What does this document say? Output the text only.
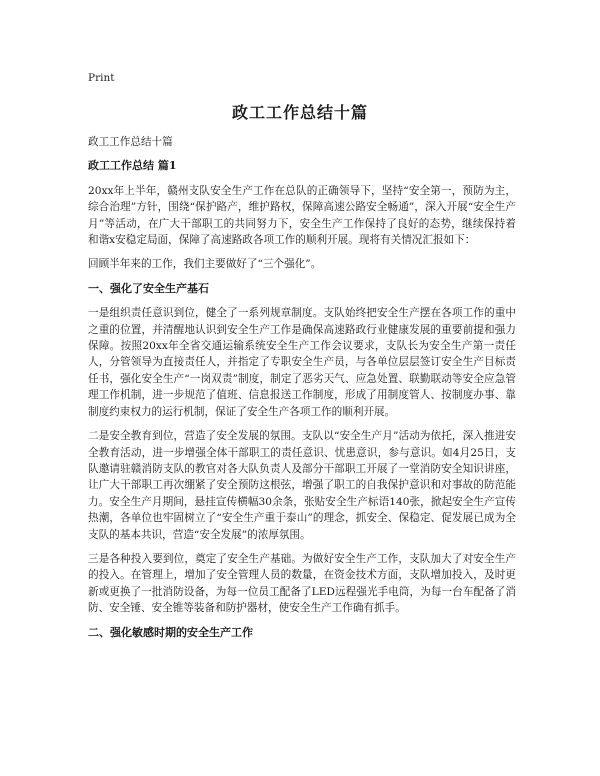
Print
政工工作总结十篇
政工工作总结十篇
政工工作总结 篇1

20xx年上半年，赣州支队安全生产工作在总队的正确领导下，坚持“安全第一，预防为主，综合治理”方针，围绕“保护路产，维护路权，保障高速公路安全畅通”，深入开展“安全生产月”等活动，在广大干部职工的共同努力下，安全生产工作保持了良好的态势，继续保持着和谐x安稳定局面，保障了高速路政各项工作的顺利开展。现将有关情况汇报如下：

回顾半年来的工作，我们主要做好了“三个强化”。

一、强化了安全生产基石

一是组织责任意识到位，健全了一系列规章制度。支队始终把安全生产摆在各项工作的重中之重的位置，并清醒地认识到安全生产工作是确保高速路政行业健康发展的重要前提和强力保障。按照20xx年全省交通运输系统安全生产工作会议要求，支队长为安全生产第一责任人，分管领导为直接责任人，并指定了专职安全生产员，与各单位层层签订安全生产目标责任书，强化安全生产“一岗双责”制度，制定了恶劣天气、应急处置、联勤联动等安全应急管理工作机制，进一步规范了值班、信息报送工作制度，形成了用制度管人、按制度办事、靠制度约束权力的运行机制，保证了安全生产各项工作的顺利开展。

二是安全教育到位，营造了安全发展的氛围。支队以“安全生产月”活动为依托，深入推进安全教育活动，进一步增强全体干部职工的责任意识、忧患意识，参与意识。如4月25日，支队邀请驻赣消防支队的教官对各大队负责人及部分干部职工开展了一堂消防安全知识讲座，让广大干部职工再次绷紧了安全预防这根弦，增强了职工的自我保护意识和对事故的防范能力。安全生产月期间，悬挂宣传横幅30余条，张贴安全生产标语140张，掀起安全生产宣传热潮，各单位也牢固树立了“安全生产重于泰山”的理念，抓安全、保稳定、促发展已成为全支队的基本共识，营造“安全发展”的浓厚氛围。

三是各种投入要到位，奠定了安全生产基础。为做好安全生产工作，支队加大了对安全生产的投入。在管理上，增加了安全管理人员的数量，在资金技术方面，支队增加投入，及时更新或更换了一批消防设备，为每一位员工配备了LED远程强光手电筒，为每一台车配备了消防、安全锤、安全锥等装备和防护器材，使安全生产工作确有抓手。

二、强化敏感时期的安全生产工作
